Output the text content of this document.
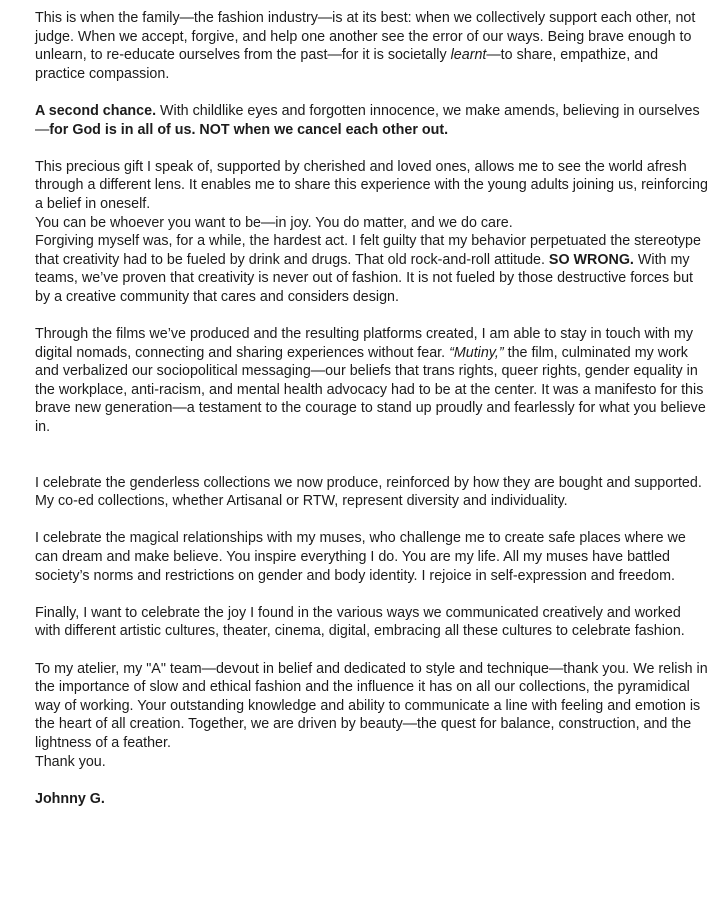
This is when the family—the fashion industry—is at its best: when we collectively support each other, not judge. When we accept, forgive, and help one another see the error of our ways. Being brave enough to unlearn, to re-educate ourselves from the past—for it is societally learnt—to share, empathize, and practice compassion.

A second chance. With childlike eyes and forgotten innocence, we make amends, believing in ourselves—for God is in all of us. NOT when we cancel each other out.

This precious gift I speak of, supported by cherished and loved ones, allows me to see the world afresh through a different lens. It enables me to share this experience with the young adults joining us, reinforcing a belief in oneself.
You can be whoever you want to be—in joy. You do matter, and we do care.
Forgiving myself was, for a while, the hardest act. I felt guilty that my behavior perpetuated the stereotype that creativity had to be fueled by drink and drugs. That old rock-and-roll attitude. SO WRONG. With my teams, we’ve proven that creativity is never out of fashion. It is not fueled by those destructive forces but by a creative community that cares and considers design.

Through the films we’ve produced and the resulting platforms created, I am able to stay in touch with my digital nomads, connecting and sharing experiences without fear. “Mutiny,” the film, culminated my work and verbalized our sociopolitical messaging—our beliefs that trans rights, queer rights, gender equality in the workplace, anti-racism, and mental health advocacy had to be at the center. It was a manifesto for this brave new generation—a testament to the courage to stand up proudly and fearlessly for what you believe in.

I celebrate the genderless collections we now produce, reinforced by how they are bought and supported. My co-ed collections, whether Artisanal or RTW, represent diversity and individuality.

I celebrate the magical relationships with my muses, who challenge me to create safe places where we can dream and make believe. You inspire everything I do. You are my life. All my muses have battled society’s norms and restrictions on gender and body identity. I rejoice in self-expression and freedom.

Finally, I want to celebrate the joy I found in the various ways we communicated creatively and worked with different artistic cultures, theater, cinema, digital, embracing all these cultures to celebrate fashion.

To my atelier, my "A" team—devout in belief and dedicated to style and technique—thank you. We relish in the importance of slow and ethical fashion and the influence it has on all our collections, the pyramidical way of working. Your outstanding knowledge and ability to communicate a line with feeling and emotion is the heart of all creation. Together, we are driven by beauty—the quest for balance, construction, and the lightness of a feather.
Thank you.

Johnny G.
